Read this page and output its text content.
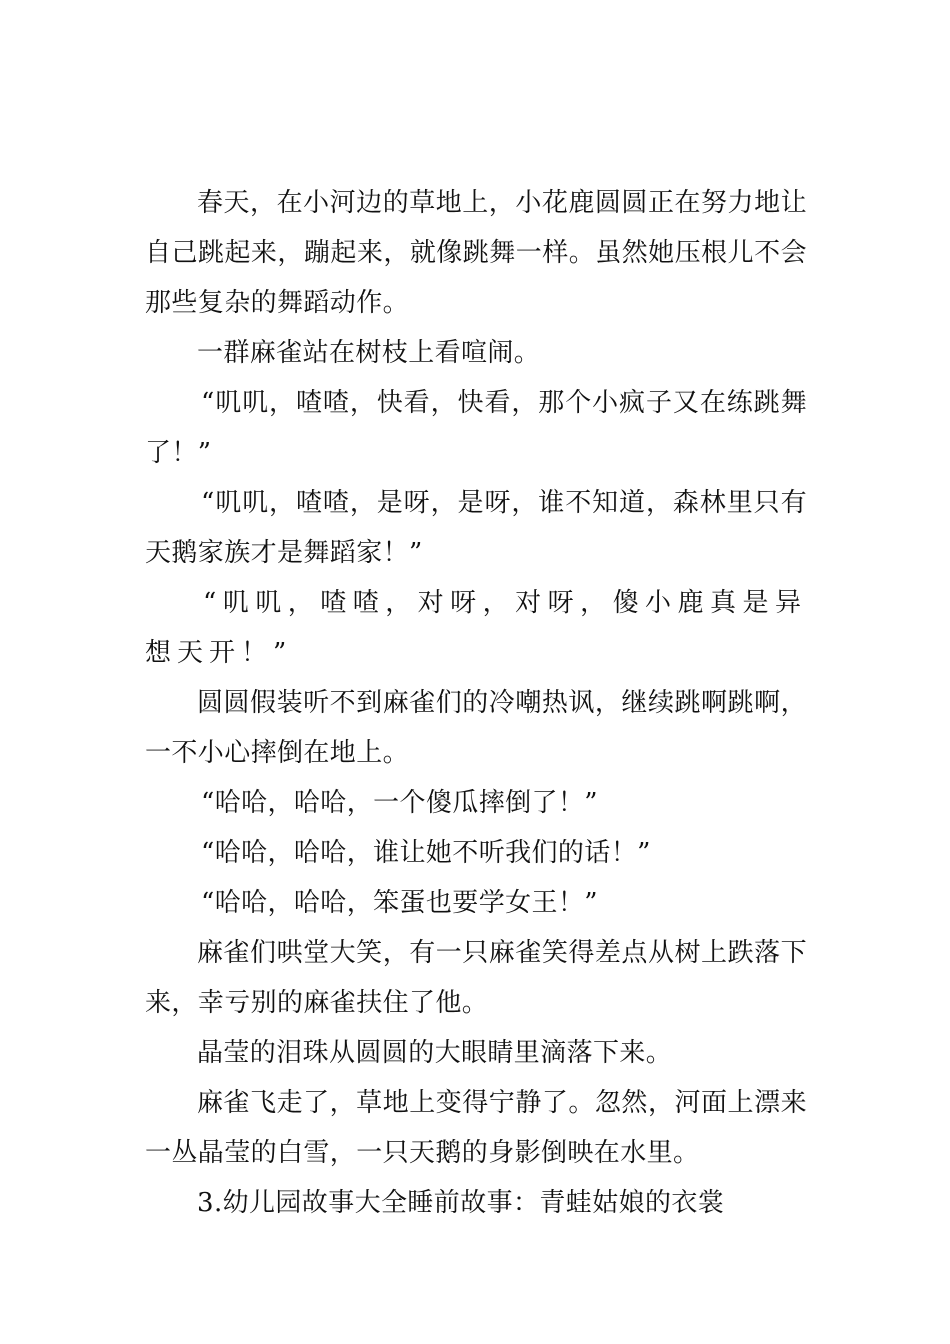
春天，在小河边的草地上，小花鹿圆圆正在努力地让自己跳起来，蹦起来，就像跳舞一样。虽然她压根儿不会那些复杂的舞蹈动作。

一群麻雀站在树枝上看喧闹。

“叽叽，喳喳，快看，快看，那个小疯子又在练跳舞了！”

“叽叽，喳喳，是呀，是呀，谁不知道，森林里只有天鹅家族才是舞蹈家！”

“叽叽，喳喳，对呀，对呀，傻小鹿真是异想天开！”

圆圆假装听不到麻雀们的冷嘲热讽，继续跳啊跳啊，一不小心摔倒在地上。

“哈哈，哈哈，一个傻瓜摔倒了！”

“哈哈，哈哈，谁让她不听我们的话！”

“哈哈，哈哈，笨蛋也要学女王！”

麻雀们哄堂大笑，有一只麻雀笑得差点从树上跌落下来，幸亏别的麻雀扶住了他。

晶莹的泪珠从圆圆的大眼睛里滴落下来。

麻雀飞走了，草地上变得宁静了。忽然，河面上漂来一丛晶莹的白雪，一只天鹅的身影倒映在水里。

3.幼儿园故事大全睡前故事：青蛙姑娘的衣裳
